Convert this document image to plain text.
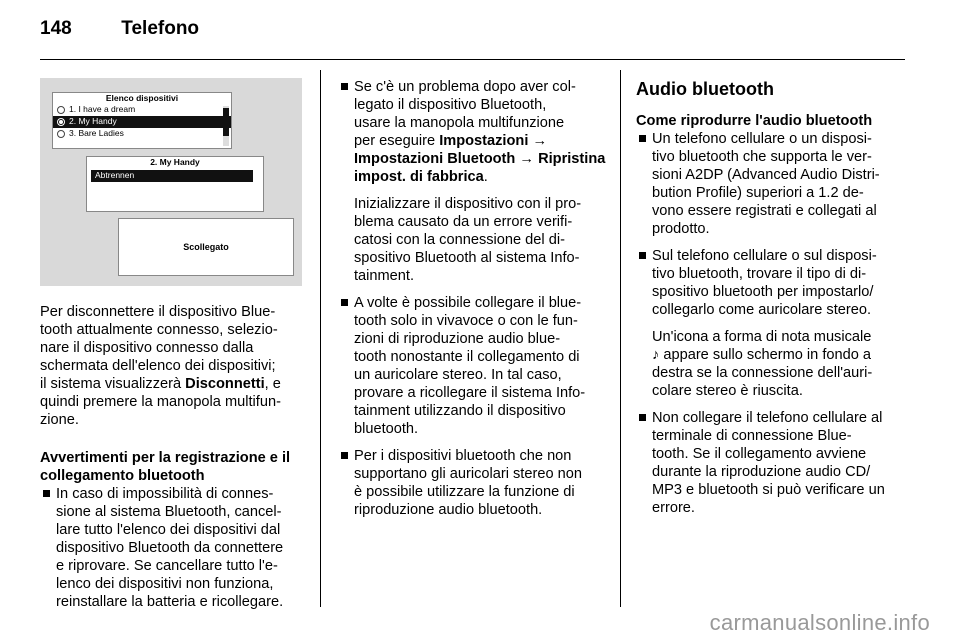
148	Telefono
Elenco dispositivi
1. I have a dream
2. My Handy
3. Bare Ladies
2. My Handy
Abtrennen
Scollegato

Per disconnettere il dispositivo Blue-
tooth attualmente connesso, selezio-
nare il dispositivo connesso dalla
schermata dell'elenco dei dispositivi;
il sistema visualizzerà Disconnetti, e
quindi premere la manopola multifun-
zione.

Avvertimenti per la registrazione e il
collegamento bluetooth

In caso di impossibilità di connes-
sione al sistema Bluetooth, cancel-
lare tutto l'elenco dei dispositivi dal
dispositivo Bluetooth da connettere
e riprovare. Se cancellare tutto l'e-
lenco dei dispositivi non funziona,
reinstallare la batteria e ricollegare.

Se c'è un problema dopo aver col-
legato il dispositivo Bluetooth,
usare la manopola multifunzione
per eseguire Impostazioni →
Impostazioni Bluetooth → Ripristina
impost. di fabbrica.

Inizializzare il dispositivo con il pro-
blema causato da un errore verifi-
catosi con la connessione del di-
spositivo Bluetooth al sistema Info-
tainment.

A volte è possibile collegare il blue-
tooth solo in vivavoce o con le fun-
zioni di riproduzione audio blue-
tooth nonostante il collegamento di
un auricolare stereo. In tal caso,
provare a ricollegare il sistema Info-
tainment utilizzando il dispositivo
bluetooth.

Per i dispositivi bluetooth che non
supportano gli auricolari stereo non
è possibile utilizzare la funzione di
riproduzione audio bluetooth.

Audio bluetooth

Come riprodurre l'audio bluetooth

Un telefono cellulare o un disposi-
tivo bluetooth che supporta le ver-
sioni A2DP (Advanced Audio Distri-
bution Profile) superiori a 1.2 de-
vono essere registrati e collegati al
prodotto.

Sul telefono cellulare o sul disposi-
tivo bluetooth, trovare il tipo di di-
spositivo bluetooth per impostarlo/
collegarlo come auricolare stereo.

Un'icona a forma di nota musicale
♪ appare sullo schermo in fondo a
destra se la connessione dell'auri-
colare stereo è riuscita.

Non collegare il telefono cellulare al
terminale di connessione Blue-
tooth. Se il collegamento avviene
durante la riproduzione audio CD/
MP3 e bluetooth si può verificare un
errore.

carmanualsonline.info
